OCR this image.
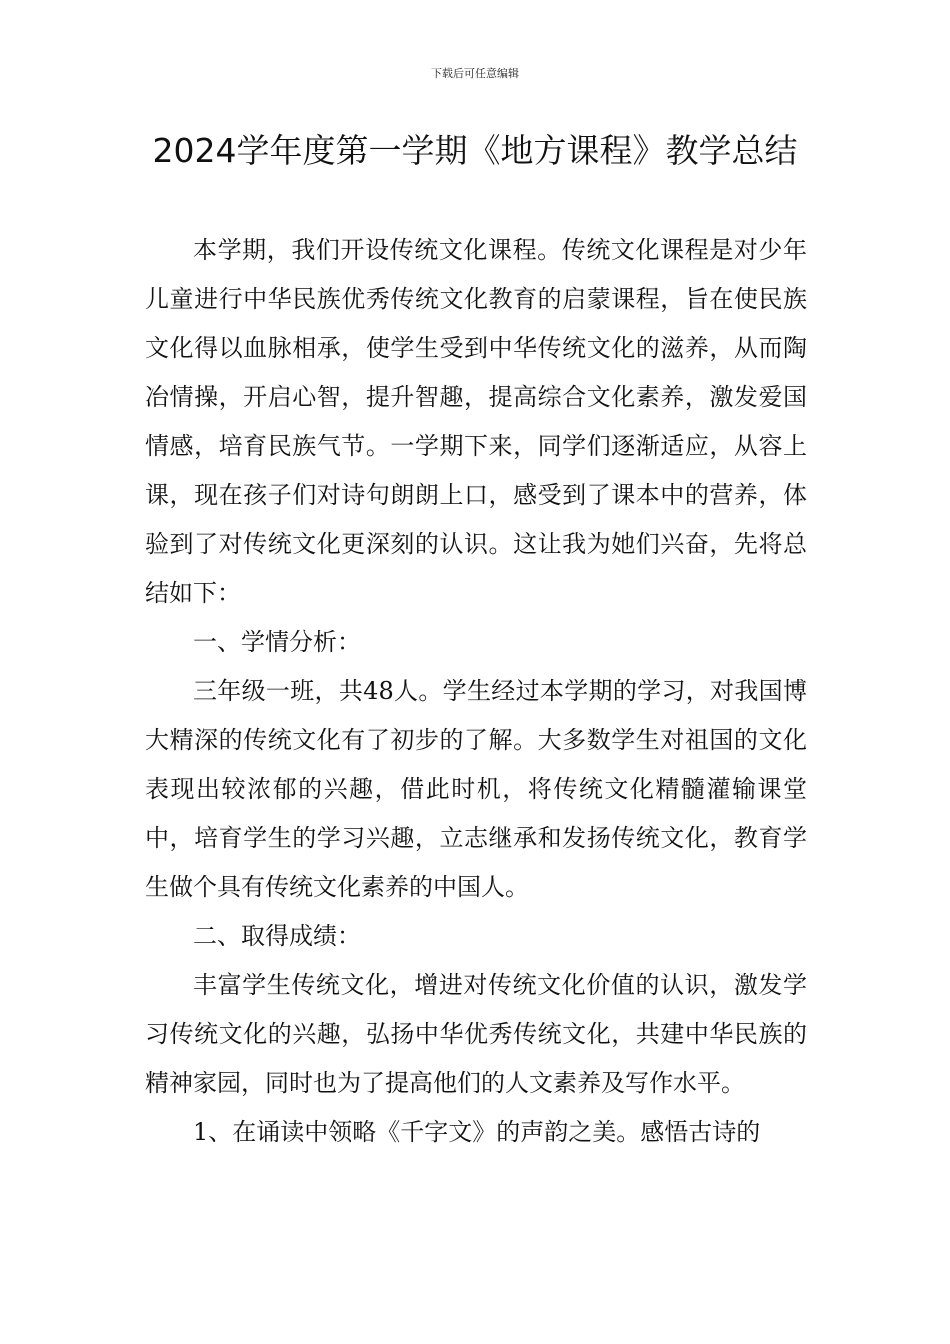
下载后可任意编辑
2024学年度第一学期《地方课程》教学总结

本学期，我们开设传统文化课程。传统文化课程是对少年儿童进行中华民族优秀传统文化教育的启蒙课程，旨在使民族文化得以血脉相承，使学生受到中华传统文化的滋养，从而陶冶情操，开启心智，提升智趣，提高综合文化素养，激发爱国情感，培育民族气节。一学期下来，同学们逐渐适应，从容上课，现在孩子们对诗句朗朗上口，感受到了课本中的营养，体验到了对传统文化更深刻的认识。这让我为她们兴奋，先将总结如下：

一、学情分析：

三年级一班，共48人。学生经过本学期的学习，对我国博大精深的传统文化有了初步的了解。大多数学生对祖国的文化表现出较浓郁的兴趣，借此时机，将传统文化精髓灌输课堂中，培育学生的学习兴趣，立志继承和发扬传统文化，教育学生做个具有传统文化素养的中国人。

二、取得成绩：

丰富学生传统文化，增进对传统文化价值的认识，激发学习传统文化的兴趣，弘扬中华优秀传统文化，共建中华民族的精神家园，同时也为了提高他们的人文素养及写作水平。

1、在诵读中领略《千字文》的声韵之美。感悟古诗的
